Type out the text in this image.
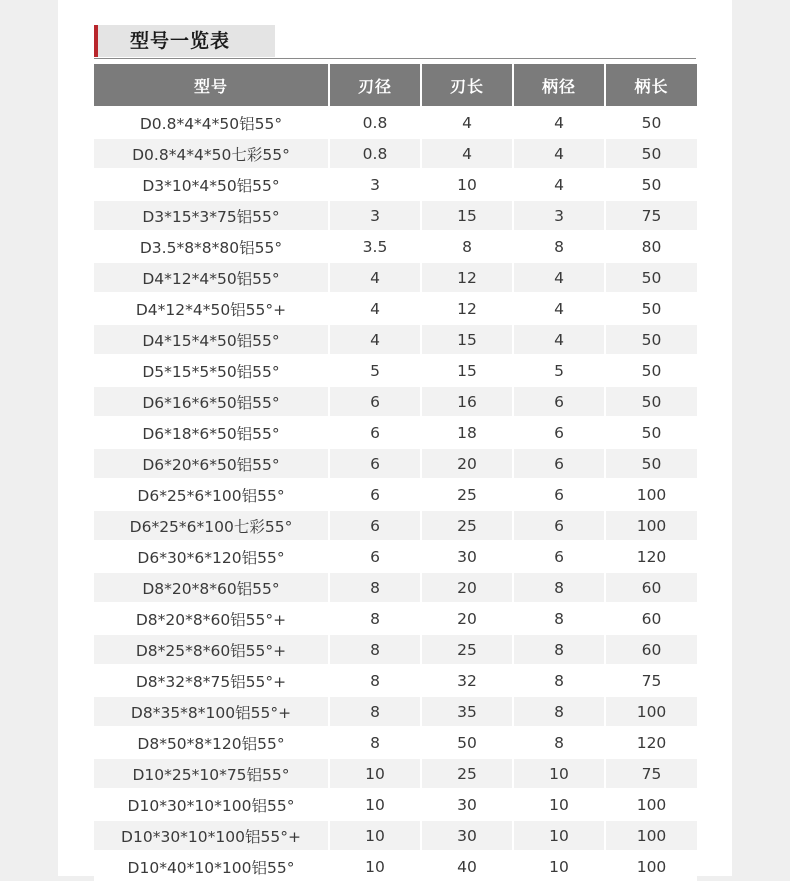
型号一览表
型号	刃径	刃长	柄径	柄长
D0.8*4*4*50铝55°	0.8	4	4	50
D0.8*4*4*50七彩55°	0.8	4	4	50
D3*10*4*50铝55°	3	10	4	50
D3*15*3*75铝55°	3	15	3	75
D3.5*8*8*80铝55°	3.5	8	8	80
D4*12*4*50铝55°	4	12	4	50
D4*12*4*50铝55°+	4	12	4	50
D4*15*4*50铝55°	4	15	4	50
D5*15*5*50铝55°	5	15	5	50
D6*16*6*50铝55°	6	16	6	50
D6*18*6*50铝55°	6	18	6	50
D6*20*6*50铝55°	6	20	6	50
D6*25*6*100铝55°	6	25	6	100
D6*25*6*100七彩55°	6	25	6	100
D6*30*6*120铝55°	6	30	6	120
D8*20*8*60铝55°	8	20	8	60
D8*20*8*60铝55°+	8	20	8	60
D8*25*8*60铝55°+	8	25	8	60
D8*32*8*75铝55°+	8	32	8	75
D8*35*8*100铝55°+	8	35	8	100
D8*50*8*120铝55°	8	50	8	120
D10*25*10*75铝55°	10	25	10	75
D10*30*10*100铝55°	10	30	10	100
D10*30*10*100铝55°+	10	30	10	100
D10*40*10*100铝55°	10	40	10	100
